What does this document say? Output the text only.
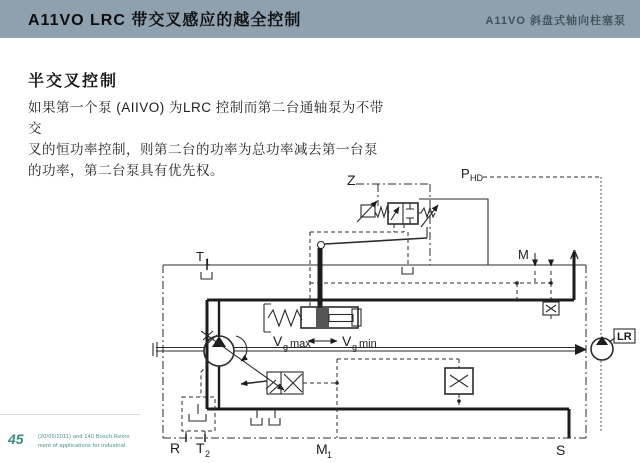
A11VO LRC 带交叉感应的越全控制	A11VO 斜盘式轴向柱塞泵
半交叉控制
如果第一个泵 (AIIVO) 为LRC 控制而第二台通轴泵为不带交
叉的恒功率控制，则第二台的功率为总功率减去第一台泵
的功率，第二台泵具有优先权。
45	(20/05/2011) and 140 Bosch Rexro
ment of applications for industrial
Z	P HD
T 1	M	A
V g max V g min
LR
R T 2	M 1	S
